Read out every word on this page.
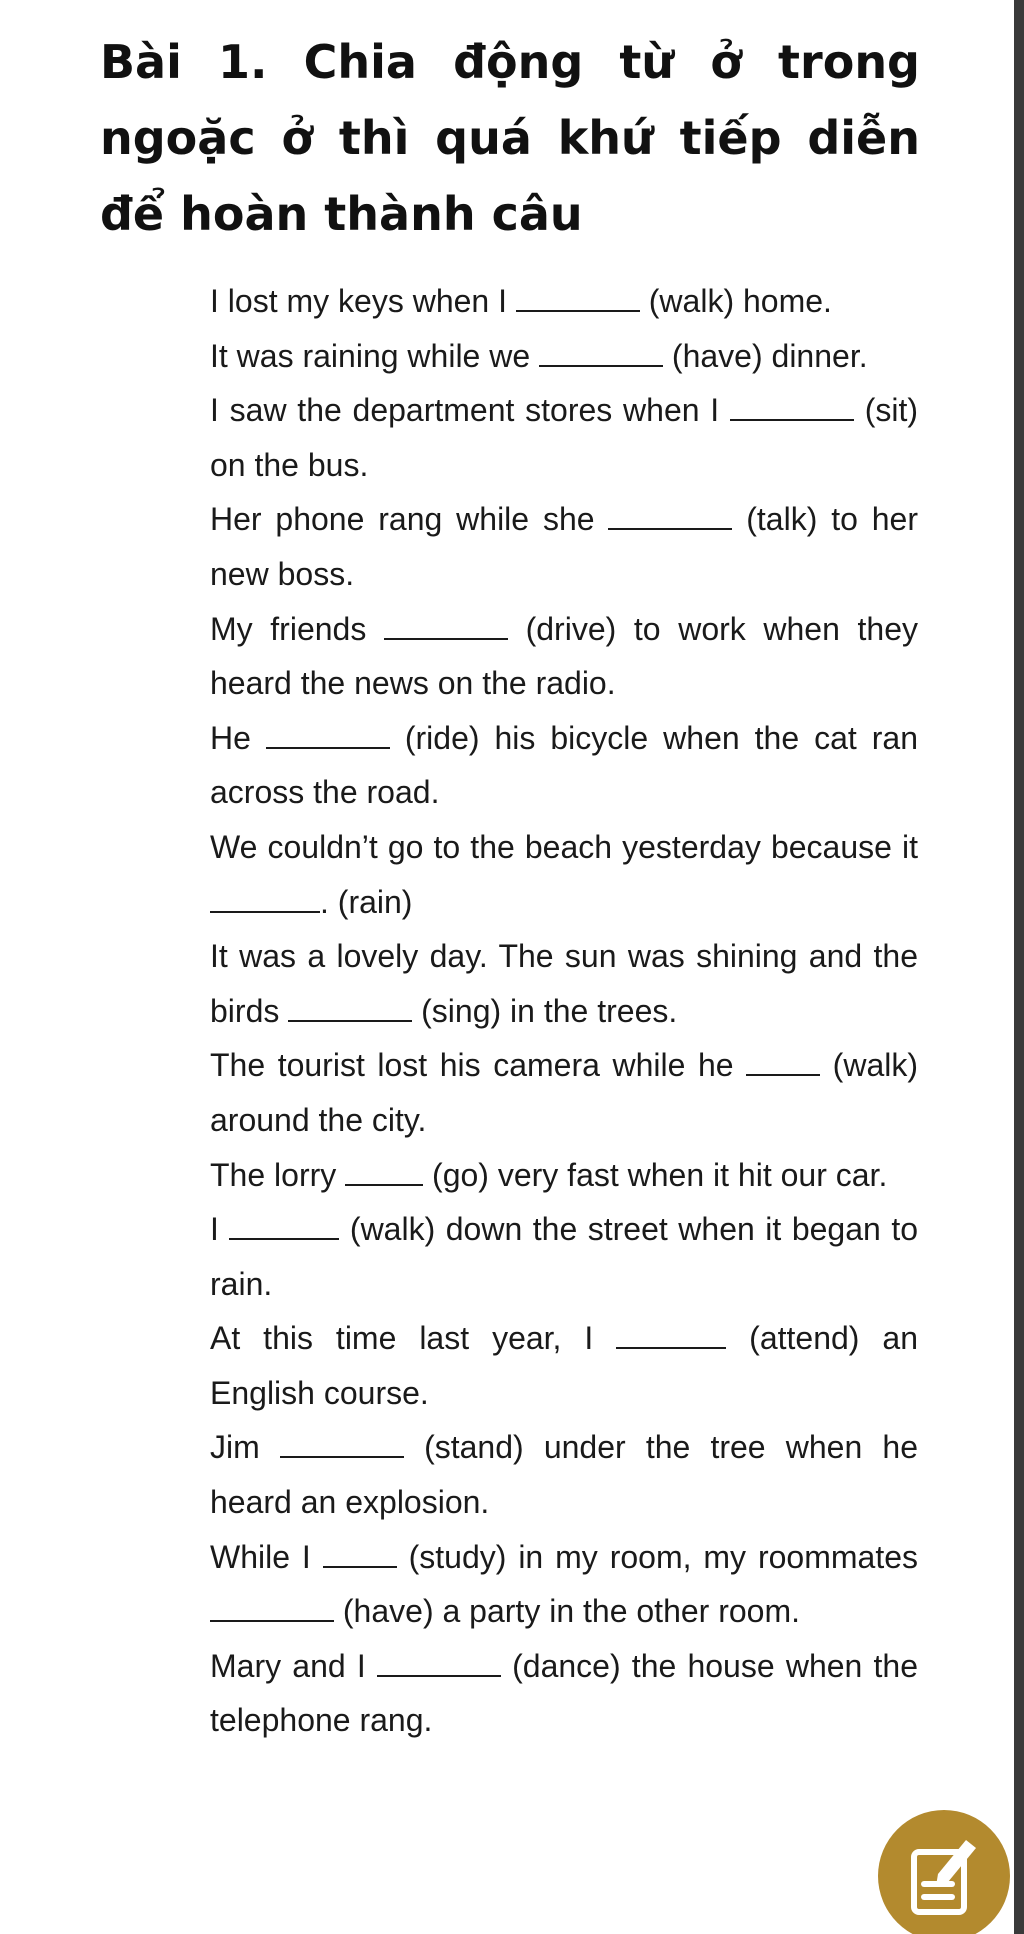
Bài 1. Chia động từ ở trong ngoặc ở thì quá khứ tiếp diễn để hoàn thành câu
I lost my keys when I	(walk) home.
It was raining while we	(have) dinner.
I saw the department stores when I	(sit) on the bus.
Her phone rang while she	(talk) to her new boss.
My friends	(drive) to work when they heard the news on the radio.
He	(ride) his bicycle when the cat ran across the road.
We couldn’t go to the beach yesterday because it . (rain)
It was a lovely day. The sun was shining and the birds	(sing) in the trees.
The tourist lost his camera while he  (walk) around the city.
The lorry  (go) very fast when it hit our car.
I	(walk) down the street when it began to rain.
At this time last year, I	(attend) an English course.
Jim	(stand) under the tree when he heard an explosion.
While I  (study) in my room, my roommates  (have) a party in the other room.
Mary and I	(dance) the house when the telephone rang.
